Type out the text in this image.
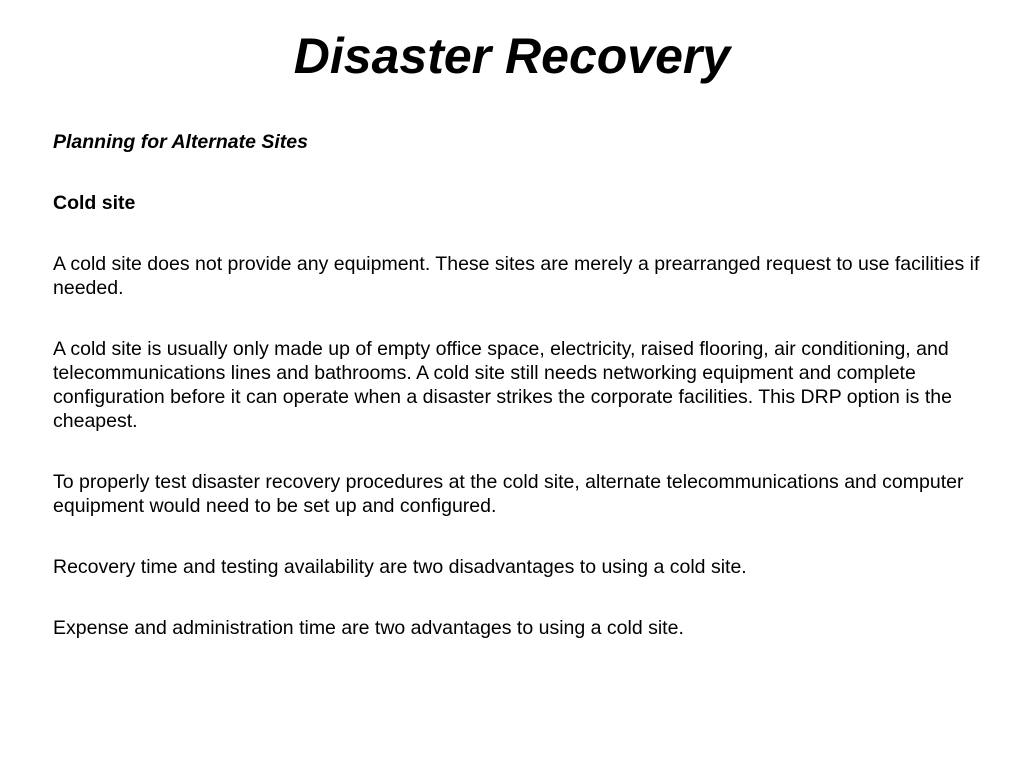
Disaster Recovery

Planning for Alternate Sites

Cold site

A cold site does not provide any equipment. These sites are merely a prearranged request to use facilities if needed.

A cold site is usually only made up of empty office space, electricity, raised flooring, air conditioning, and telecommunications lines and bathrooms. A cold site still needs networking equipment and complete configuration before it can operate when a disaster strikes the corporate facilities. This DRP option is the cheapest.

To properly test disaster recovery procedures at the cold site, alternate telecommunications and computer equipment would need to be set up and configured.

Recovery time and testing availability are two disadvantages to using a cold site.

Expense and administration time are two advantages to using a cold site.
